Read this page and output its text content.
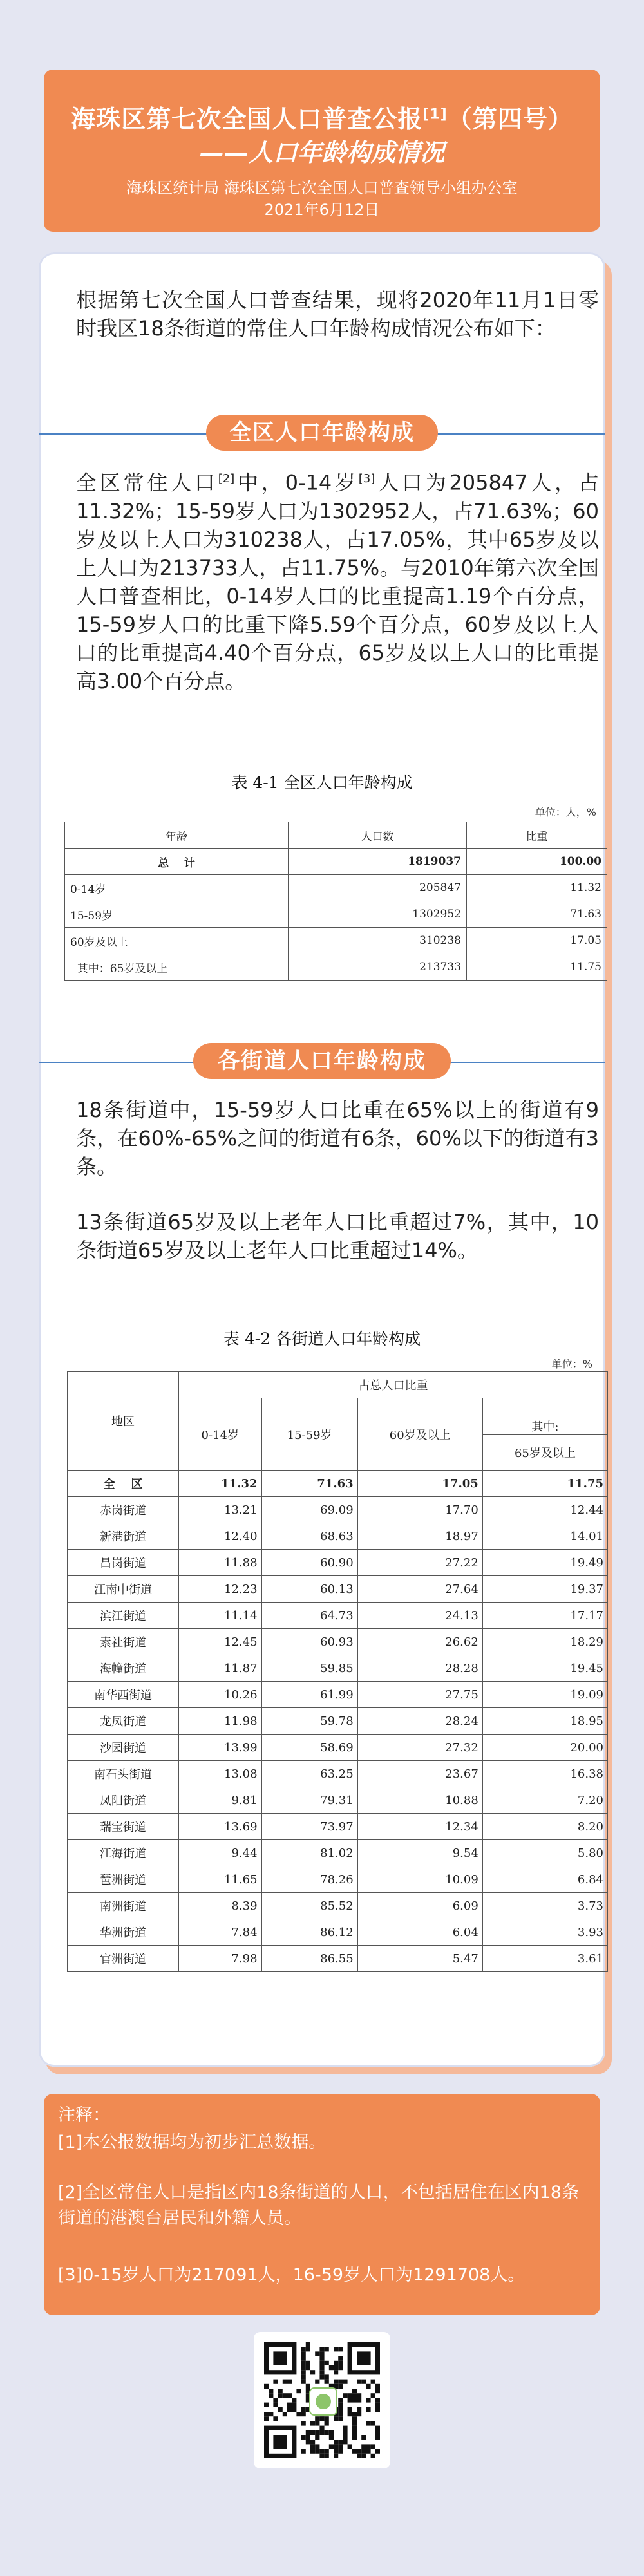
海珠区第七次全国人口普查公报[1]（第四号）
——人口年龄构成情况
海珠区统计局 海珠区第七次全国人口普查领导小组办公室
2021年6月12日
根据第七次全国人口普查结果，现将2020年11月1日零时我区18条街道的常住人口年龄构成情况公布如下：
全区人口年龄构成
全区常住人口[2]中，0-14岁[3]人口为205847人，占11.32%；15-59岁人口为1302952人，占71.63%；60岁及以上人口为310238人，占17.05%，其中65岁及以上人口为213733人，占11.75%。与2010年第六次全国人口普查相比，0-14岁人口的比重提高1.19个百分点，15-59岁人口的比重下降5.59个百分点，60岁及以上人口的比重提高4.40个百分点，65岁及以上人口的比重提高3.00个百分点。
表 4-1 全区人口年龄构成
单位：人，%
各街道人口年龄构成
18条街道中，15-59岁人口比重在65%以上的街道有9条，在60%-65%之间的街道有6条，60%以下的街道有3条。
13条街道65岁及以上老年人口比重超过7%，其中，10条街道65岁及以上老年人口比重超过14%。
表 4-2 各街道人口年龄构成
单位：%
年龄	人口数	比重
总    计	1819037	100.00
0-14岁	205847	11.32
15-59岁	1302952	71.63
60岁及以上	310238	17.05
其中：65岁及以上	213733	11.75
地区	占总人口比重			
	0-14岁	15-59岁	60岁及以上	其中:
				65岁及以上
全    区	11.32	71.63	17.05	11.75
赤岗街道	13.21	69.09	17.70	12.44
新港街道	12.40	68.63	18.97	14.01
昌岗街道	11.88	60.90	27.22	19.49
江南中街道	12.23	60.13	27.64	19.37
滨江街道	11.14	64.73	24.13	17.17
素社街道	12.45	60.93	26.62	18.29
海幢街道	11.87	59.85	28.28	19.45
南华西街道	10.26	61.99	27.75	19.09
龙凤街道	11.98	59.78	28.24	18.95
沙园街道	13.99	58.69	27.32	20.00
南石头街道	13.08	63.25	23.67	16.38
凤阳街道	9.81	79.31	10.88	7.20
瑞宝街道	13.69	73.97	12.34	8.20
江海街道	9.44	81.02	9.54	5.80
琶洲街道	11.65	78.26	10.09	6.84
南洲街道	8.39	85.52	6.09	3.73
华洲街道	7.84	86.12	6.04	3.93
官洲街道	7.98	86.55	5.47	3.61
注释：
[1]本公报数据均为初步汇总数据。
[2]全区常住人口是指区内18条街道的人口，不包括居住在区内18条街道的港澳台居民和外籍人员。
[3]0-15岁人口为217091人，16-59岁人口为1291708人。
